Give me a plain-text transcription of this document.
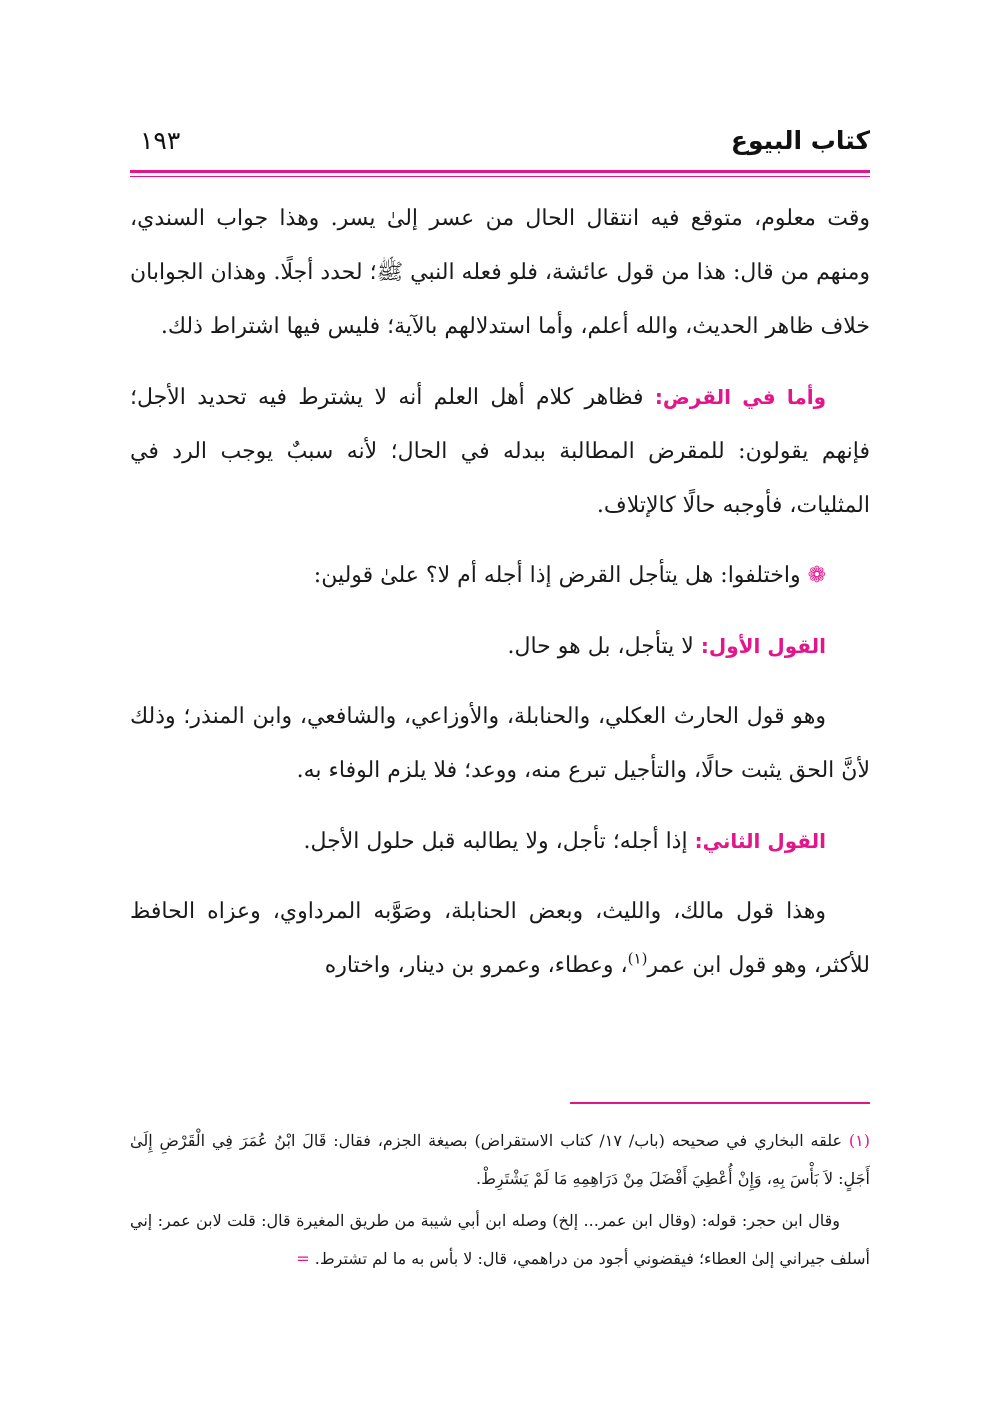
كتاب البيوع
١٩٣

وقت معلوم، متوقع فيه انتقال الحال من عسر إلىٰ يسر. وهذا جواب السندي، ومنهم من قال: هذا من قول عائشة، فلو فعله النبي ﷺ؛ لحدد أجلًا. وهذان الجوابان خلاف ظاهر الحديث، والله أعلم، وأما استدلالهم بالآية؛ فليس فيها اشتراط ذلك.

وأما في القرض: فظاهر كلام أهل العلم أنه لا يشترط فيه تحديد الأجل؛ فإنهم يقولون: للمقرض المطالبة ببدله في الحال؛ لأنه سببٌ يوجب الرد في المثليات، فأوجبه حالًا كالإتلاف.

❁ واختلفوا: هل يتأجل القرض إذا أجله أم لا؟ علىٰ قولين:

القول الأول: لا يتأجل، بل هو حال.

وهو قول الحارث العكلي، والحنابلة، والأوزاعي، والشافعي، وابن المنذر؛ وذلك لأنَّ الحق يثبت حالًا، والتأجيل تبرع منه، ووعد؛ فلا يلزم الوفاء به.

القول الثاني: إذا أجله؛ تأجل، ولا يطالبه قبل حلول الأجل.

وهذا قول مالك، والليث، وبعض الحنابلة، وصَوَّبه المرداوي، وعزاه الحافظ للأكثر، وهو قول ابن عمر$^{(١)}$، وعطاء، وعمرو بن دينار، واختاره

(١) علقه البخاري في صحيحه (باب/ ١٧/ كتاب الاستقراض) بصيغة الجزم، فقال: قَالَ ابْنُ عُمَرَ فِي الْقَرْضِ إِلَىٰ أَجَلٍ: لاَ بَأْسَ بِهِ، وَإِنْ أُعْطِيَ أَفْضَلَ مِنْ دَرَاهِمِهِ مَا لَمْ يَشْتَرِطْ.

وقال ابن حجر: قوله: (وقال ابن عمر... إلخ) وصله ابن أبي شيبة من طريق المغيرة قال: قلت لابن عمر: إني أسلف جيراني إلىٰ العطاء؛ فيقضوني أجود من دراهمي، قال: لا بأس به ما لم تشترط. =
